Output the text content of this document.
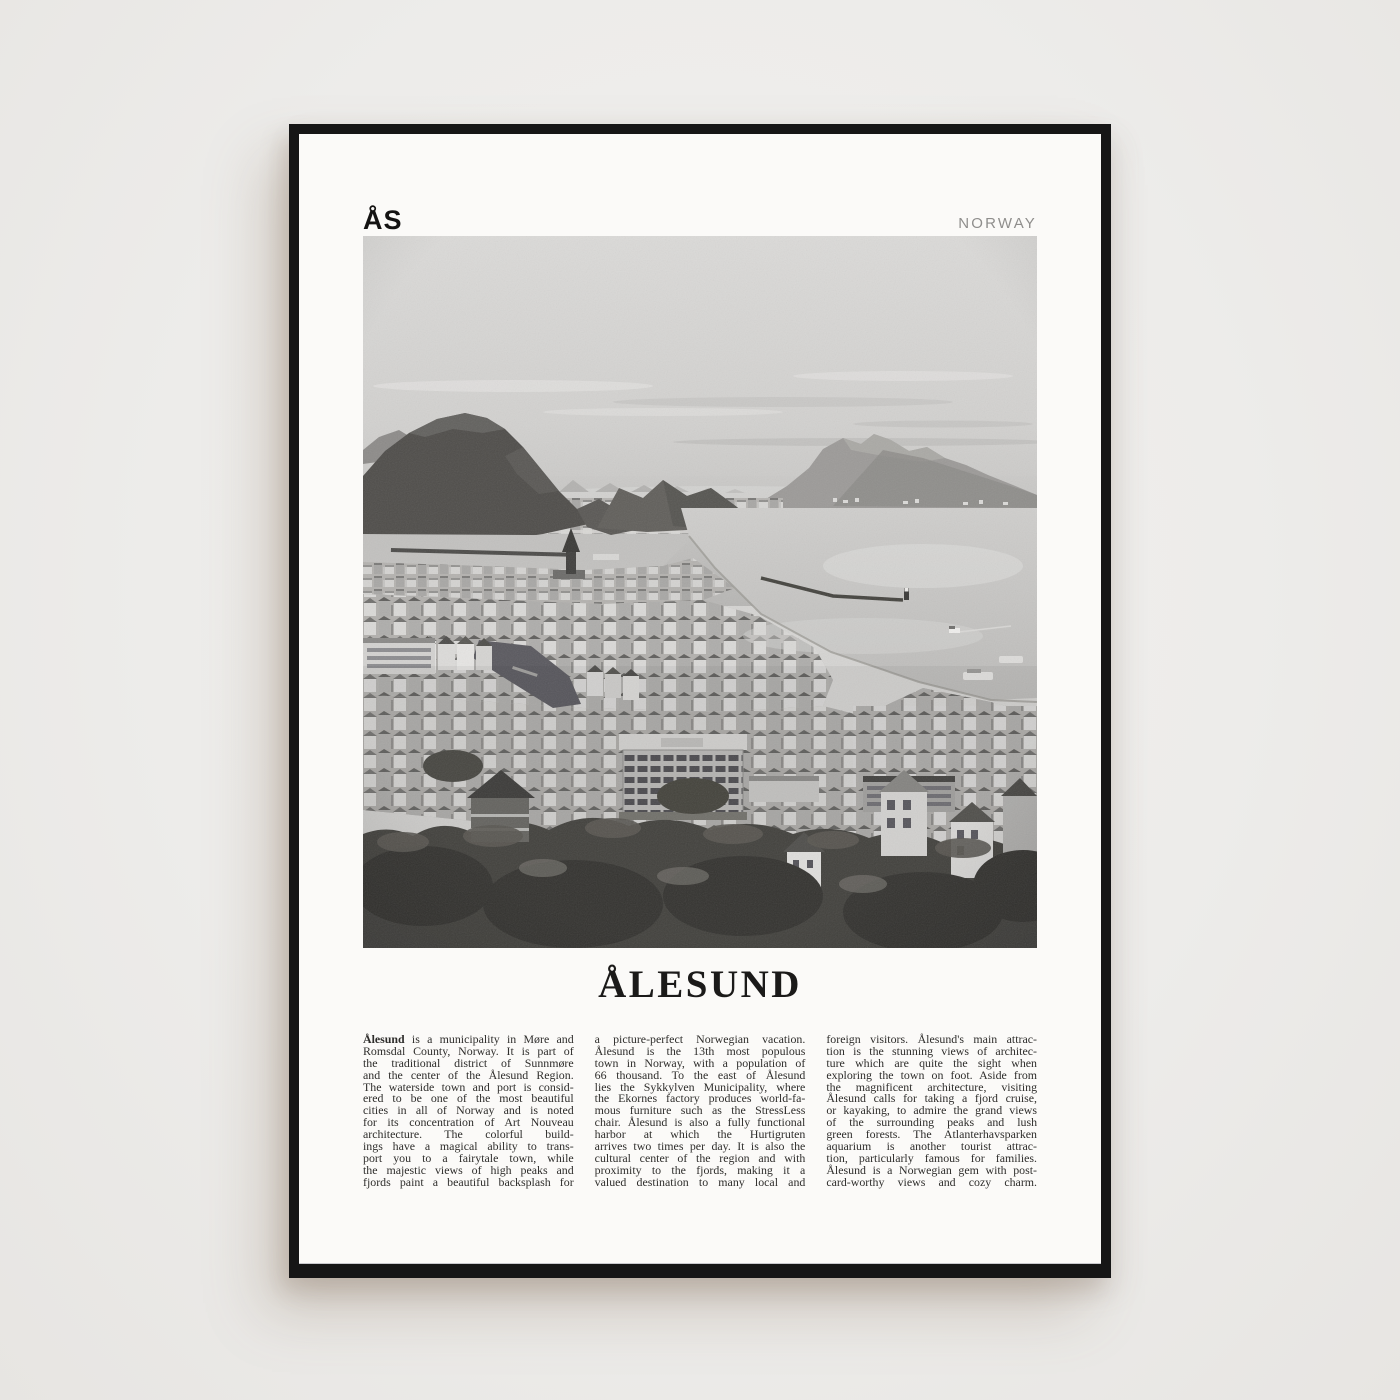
ÅS	NORWAY
ÅLESUND
Ålesund is a municipality in Møre and
Romsdal County, Norway. It is part of
the traditional district of Sunnmøre
and the center of the Ålesund Region.
The waterside town and port is consid-
ered to be one of the most beautiful
cities in all of Norway and is noted
for its concentration of Art Nouveau
architecture. The colorful build-
ings have a magical ability to trans-
port you to a fairytale town, while
the majestic views of high peaks and
fjords paint a beautiful backsplash for
a picture-perfect Norwegian vacation.
Ålesund is the 13th most populous
town in Norway, with a population of
66 thousand. To the east of Ålesund
lies the Sykkylven Municipality, where
the Ekornes factory produces world-fa-
mous furniture such as the StressLess
chair. Ålesund is also a fully functional
harbor at which the Hurtigruten
arrives two times per day. It is also the
cultural center of the region and with
proximity to the fjords, making it a
valued destination to many local and
foreign visitors. Ålesund's main attrac-
tion is the stunning views of architec-
ture which are quite the sight when
exploring the town on foot. Aside from
the magnificent architecture, visiting
Ålesund calls for taking a fjord cruise,
or kayaking, to admire the grand views
of the surrounding peaks and lush
green forests. The Atlanterhavsparken
aquarium is another tourist attrac-
tion, particularly famous for families.
Ålesund is a Norwegian gem with post-
card-worthy views and cozy charm.
